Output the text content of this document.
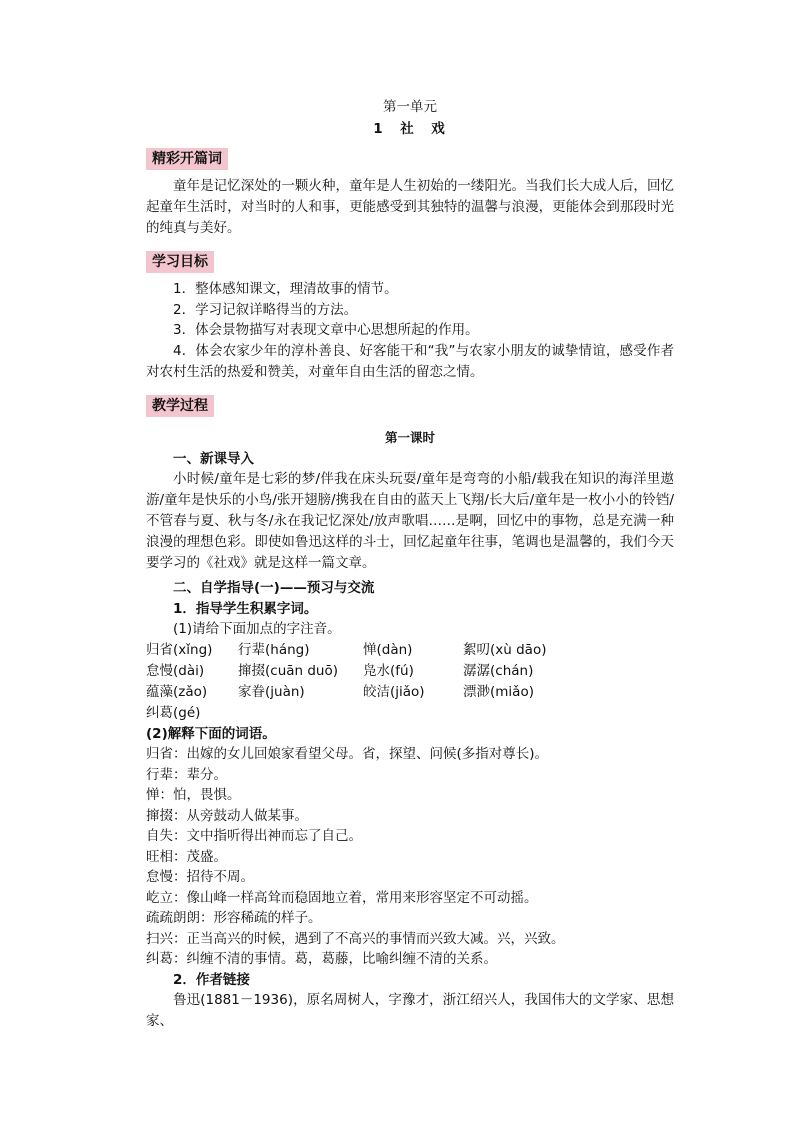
第一单元
1　社　戏
精彩开篇词

童年是记忆深处的一颗火种，童年是人生初始的一缕阳光。当我们长大成人后，回忆起童年生活时，对当时的人和事，更能感受到其独特的温馨与浪漫，更能体会到那段时光的纯真与美好。

学习目标

1．整体感知课文，理清故事的情节。

2．学习记叙详略得当的方法。

3．体会景物描写对表现文章中心思想所起的作用。

4．体会农家少年的淳朴善良、好客能干和“我”与农家小朋友的诚挚情谊，感受作者对农村生活的热爱和赞美，对童年自由生活的留恋之情。

教学过程
第一课时

一、新课导入

小时候/童年是七彩的梦/伴我在床头玩耍/童年是弯弯的小船/载我在知识的海洋里遨游/童年是快乐的小鸟/张开翅膀/携我在自由的蓝天上飞翔/长大后/童年是一枚小小的铃铛/不管春与夏、秋与冬/永在我记忆深处/放声歌唱……是啊，回忆中的事物，总是充满一种浪漫的理想色彩。即使如鲁迅这样的斗士，回忆起童年往事，笔调也是温馨的，我们今天要学习的《社戏》就是这样一篇文章。

二、自学指导(一)——预习与交流

1．指导学生积累字词。

(1)请给下面加点的字注音。

归省(xǐng)	行辈(háng)	惮(dàn)	絮叨(xù dāo)
怠慢(dài)	撺掇(cuān duō)	凫水(fú)	潺潺(chán)
蕴藻(zǎo)	家眷(juàn)	皎洁(jiǎo)	漂渺(miǎo)
纠葛(gé)

(2)解释下面的词语。

归省：出嫁的女儿回娘家看望父母。省，探望、问候(多指对尊长)。

行辈：辈分。

惮：怕，畏惧。

撺掇：从旁鼓动人做某事。

自失：文中指听得出神而忘了自己。

旺相：茂盛。

怠慢：招待不周。

屹立：像山峰一样高耸而稳固地立着，常用来形容坚定不可动摇。

疏疏朗朗：形容稀疏的样子。

扫兴：正当高兴的时候，遇到了不高兴的事情而兴致大减。兴，兴致。

纠葛：纠缠不清的事情。葛，葛藤，比喻纠缠不清的关系。

2．作者链接

鲁迅(1881－1936)，原名周树人，字豫才，浙江绍兴人，我国伟大的文学家、思想家、
